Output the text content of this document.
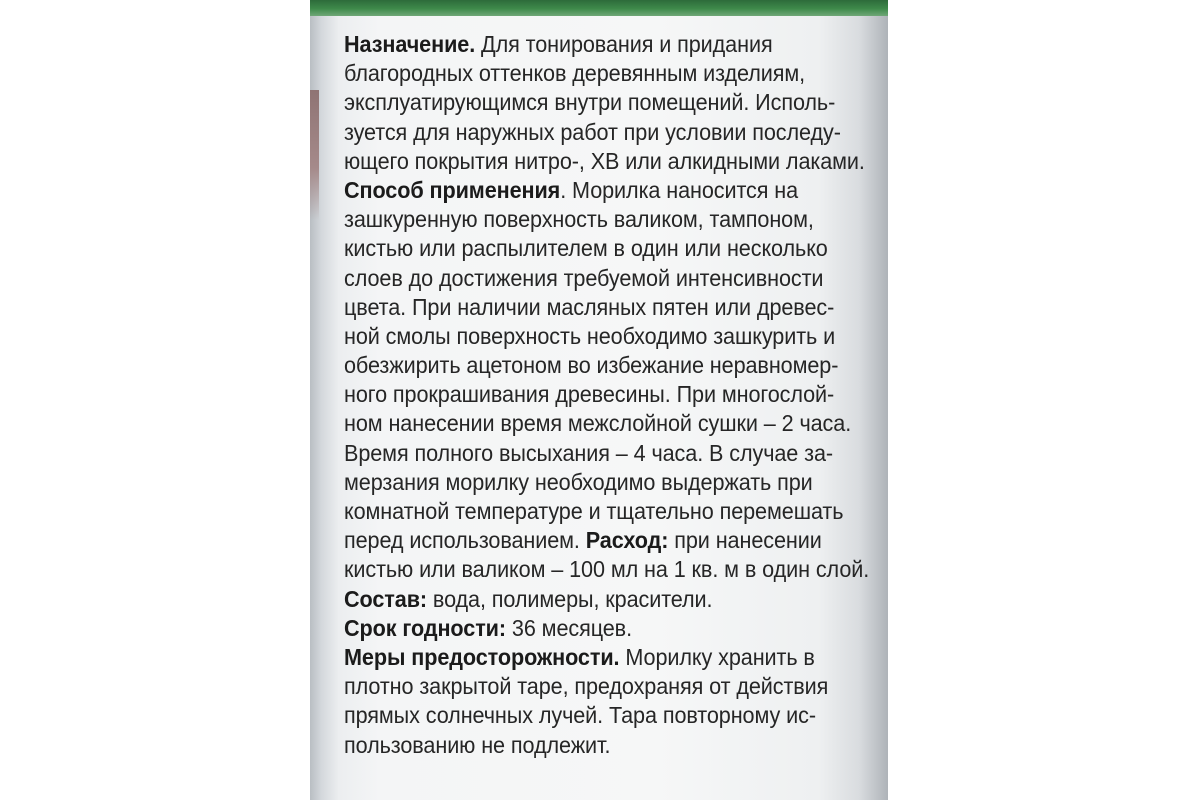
Назначение. Для тонирования и придания
благородных оттенков деревянным изделиям,
эксплуатирующимся внутри помещений. Исполь-
зуется для наружных работ при условии последу-
ющего покрытия нитро-, ХВ или алкидными лаками.
Способ применения. Морилка наносится на
зашкуренную поверхность валиком, тампоном,
кистью или распылителем в один или несколько
слоев до достижения требуемой интенсивности
цвета. При наличии масляных пятен или древес-
ной смолы поверхность необходимо зашкурить и
обезжирить ацетоном во избежание неравномер-
ного прокрашивания древесины. При многослой-
ном нанесении время межслойной сушки – 2 часа.
Время полного высыхания – 4 часа. В случае за-
мерзания морилку необходимо выдержать при
комнатной температуре и тщательно перемешать
перед использованием. Расход: при нанесении
кистью или валиком – 100 мл на 1 кв. м в один слой.
Состав: вода, полимеры, красители.
Срок годности: 36 месяцев.
Меры предосторожности. Морилку хранить в
плотно закрытой таре, предохраняя от действия
прямых солнечных лучей. Тара повторному ис-
пользованию не подлежит.
